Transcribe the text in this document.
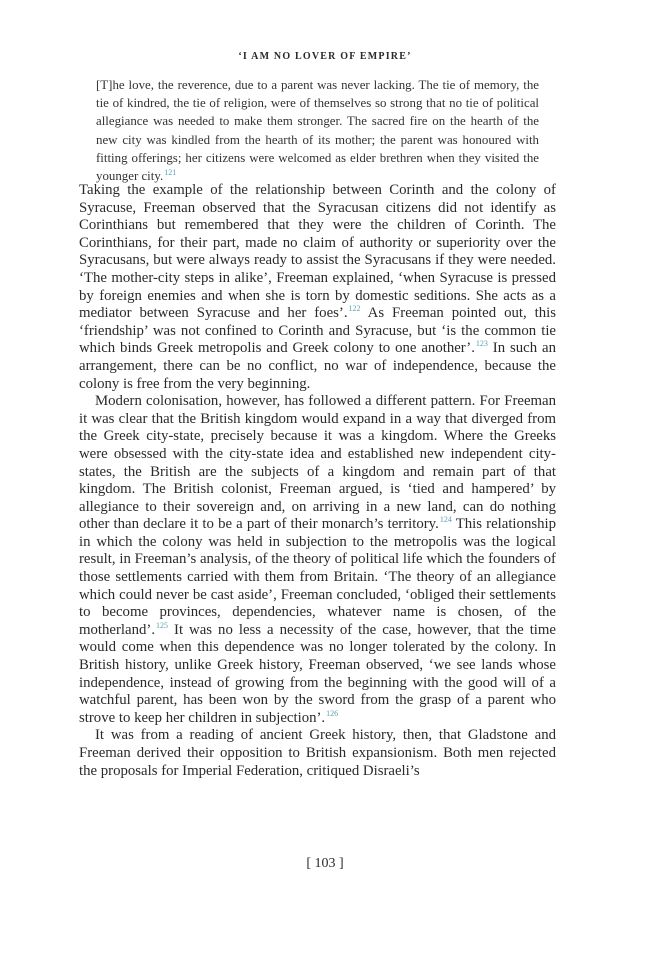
‘I AM NO LOVER OF EMPIRE’
[T]he love, the reverence, due to a parent was never lacking. The tie of memory, the tie of kindred, the tie of religion, were of themselves so strong that no tie of political allegiance was needed to make them stronger. The sacred fire on the hearth of the new city was kindled from the hearth of its mother; the parent was honoured with fitting offerings; her citizens were welcomed as elder brethren when they visited the younger city.$^{121}$

Taking the example of the relationship between Corinth and the colony of Syracuse, Freeman observed that the Syracusan citizens did not identify as Corinthians but remembered that they were the children of Corinth. The Corinthians, for their part, made no claim of authority or superiority over the Syracusans, but were always ready to assist the Syracusans if they were needed. ‘The mother-city steps in alike’, Freeman explained, ‘when Syracuse is pressed by foreign enemies and when she is torn by domestic seditions. She acts as a mediator between Syracuse and her foes’.$^{122}$ As Freeman pointed out, this ‘friendship’ was not confined to Corinth and Syracuse, but ‘is the common tie which binds Greek metropolis and Greek colony to one another’.$^{123}$ In such an arrangement, there can be no conflict, no war of independence, because the colony is free from the very beginning.

Modern colonisation, however, has followed a different pattern. For Freeman it was clear that the British kingdom would expand in a way that diverged from the Greek city-state, precisely because it was a kingdom. Where the Greeks were obsessed with the city-state idea and established new independent city-states, the British are the subjects of a kingdom and remain part of that kingdom. The British colonist, Freeman argued, is ‘tied and hampered’ by allegiance to their sovereign and, on arriving in a new land, can do nothing other than declare it to be a part of their monarch’s territory.$^{124}$ This relationship in which the colony was held in subjection to the metropolis was the logical result, in Freeman’s analysis, of the theory of political life which the founders of those settlements carried with them from Britain. ‘The theory of an allegiance which could never be cast aside’, Freeman concluded, ‘obliged their settlements to become provinces, dependencies, whatever name is chosen, of the motherland’.$^{125}$ It was no less a necessity of the case, however, that the time would come when this dependence was no longer tolerated by the colony. In British history, unlike Greek history, Freeman observed, ‘we see lands whose independence, instead of growing from the beginning with the good will of a watchful parent, has been won by the sword from the grasp of a parent who strove to keep her children in subjection’.$^{126}$

It was from a reading of ancient Greek history, then, that Gladstone and Freeman derived their opposition to British expansionism. Both men rejected the proposals for Imperial Federation, critiqued Disraeli’s

[ 103 ]
